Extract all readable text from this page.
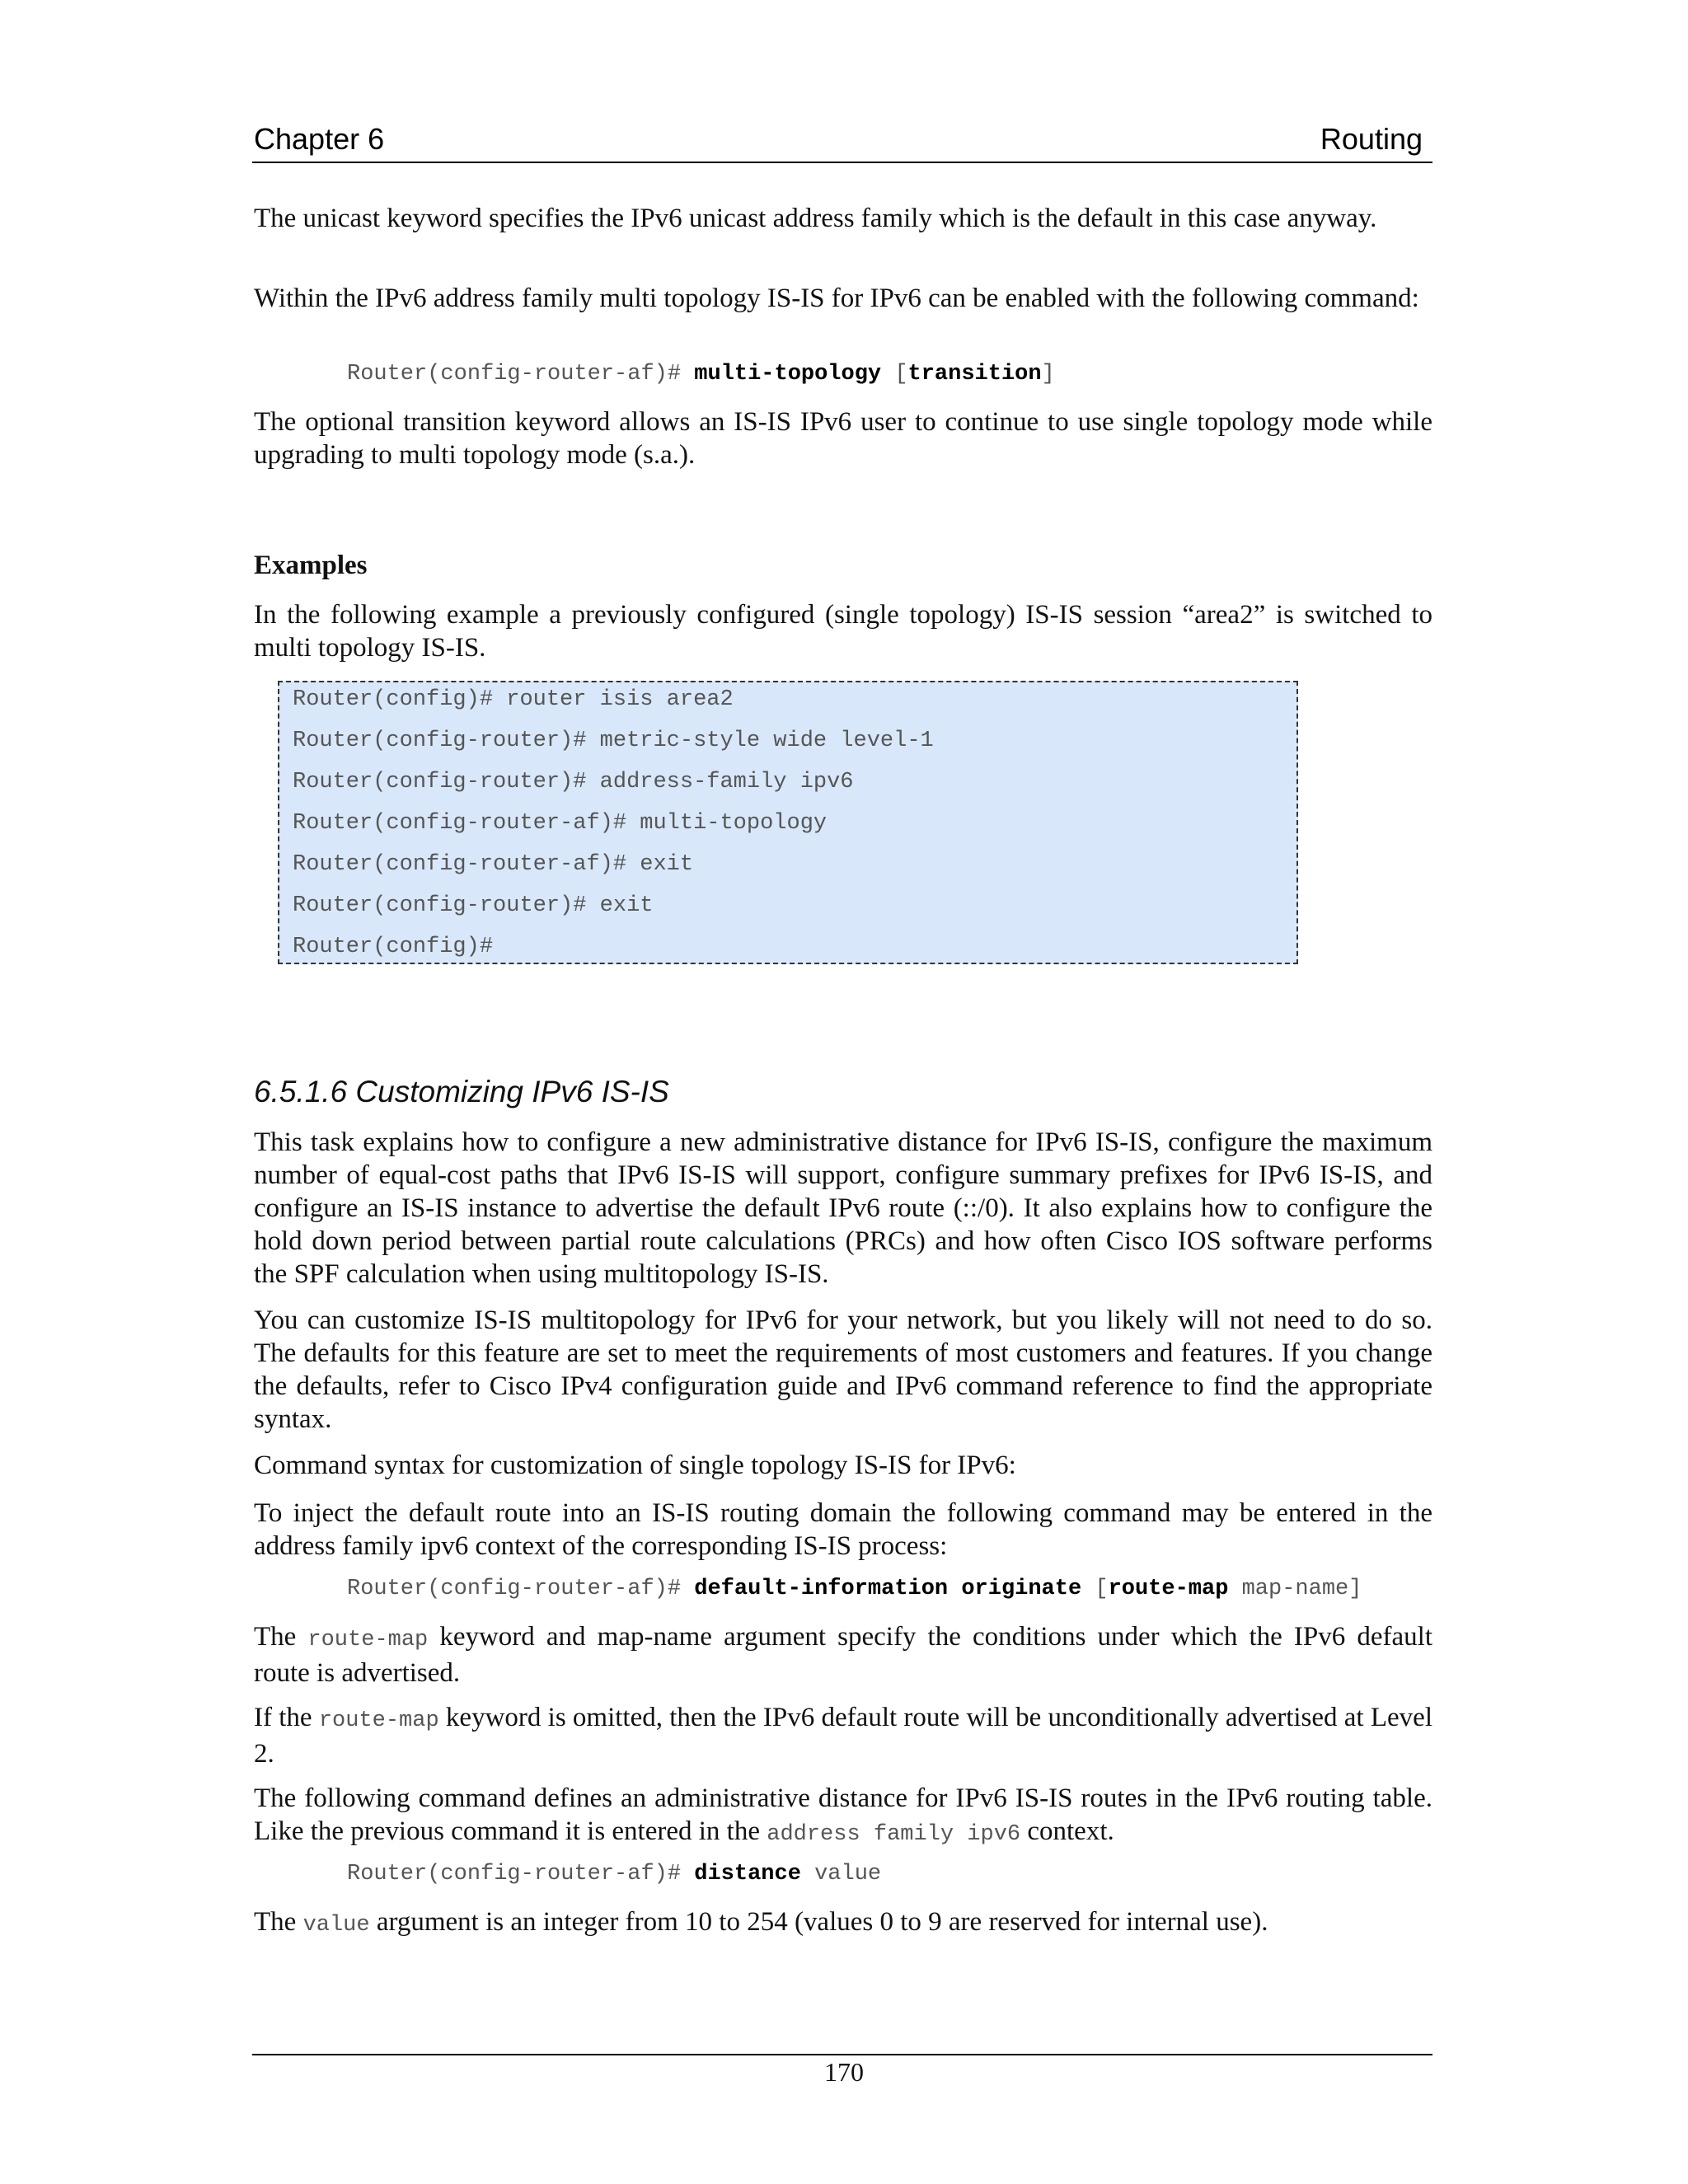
Chapter 6	Routing

The unicast keyword specifies the IPv6 unicast address family which is the default in this case anyway.

Within the IPv6 address family multi topology IS-IS for IPv6 can be enabled with the following command:

Router(config-router-af)# multi-topology [transition]

The optional transition keyword allows an IS-IS IPv6 user to continue to use single topology mode while upgrading to multi topology mode (s.a.).

Examples

In the following example a previously configured (single topology) IS-IS session “area2” is switched to multi topology IS-IS.

Router(config)# router isis area2
Router(config-router)# metric-style wide level-1
Router(config-router)# address-family ipv6
Router(config-router-af)# multi-topology
Router(config-router-af)# exit
Router(config-router)# exit
Router(config)#
6.5.1.6 Customizing IPv6 IS-IS

This task explains how to configure a new administrative distance for IPv6 IS-IS, configure the maximum number of equal-cost paths that IPv6 IS-IS will support, configure summary prefixes for IPv6 IS-IS, and configure an IS-IS instance to advertise the default IPv6 route (::/0). It also explains how to configure the hold down period between partial route calculations (PRCs) and how often Cisco IOS software performs the SPF calculation when using multitopology IS-IS.

You can customize IS-IS multitopology for IPv6 for your network, but you likely will not need to do so. The defaults for this feature are set to meet the requirements of most customers and features. If you change the defaults, refer to Cisco IPv4 configuration guide and IPv6 command reference to find the appropriate syntax.

Command syntax for customization of single topology IS-IS for IPv6:

To inject the default route into an IS-IS routing domain the following command may be entered in the address family ipv6 context of the corresponding IS-IS process:

Router(config-router-af)# default-information originate [route-map map-name]

The route-map keyword and map-name argument specify the conditions under which the IPv6 default route is advertised.

If the route-map keyword is omitted, then the IPv6 default route will be unconditionally advertised at Level 2.

The following command defines an administrative distance for IPv6 IS-IS routes in the IPv6 routing table. Like the previous command it is entered in the address family ipv6 context.

Router(config-router-af)# distance value

The value argument is an integer from 10 to 254 (values 0 to 9 are reserved for internal use).

170
